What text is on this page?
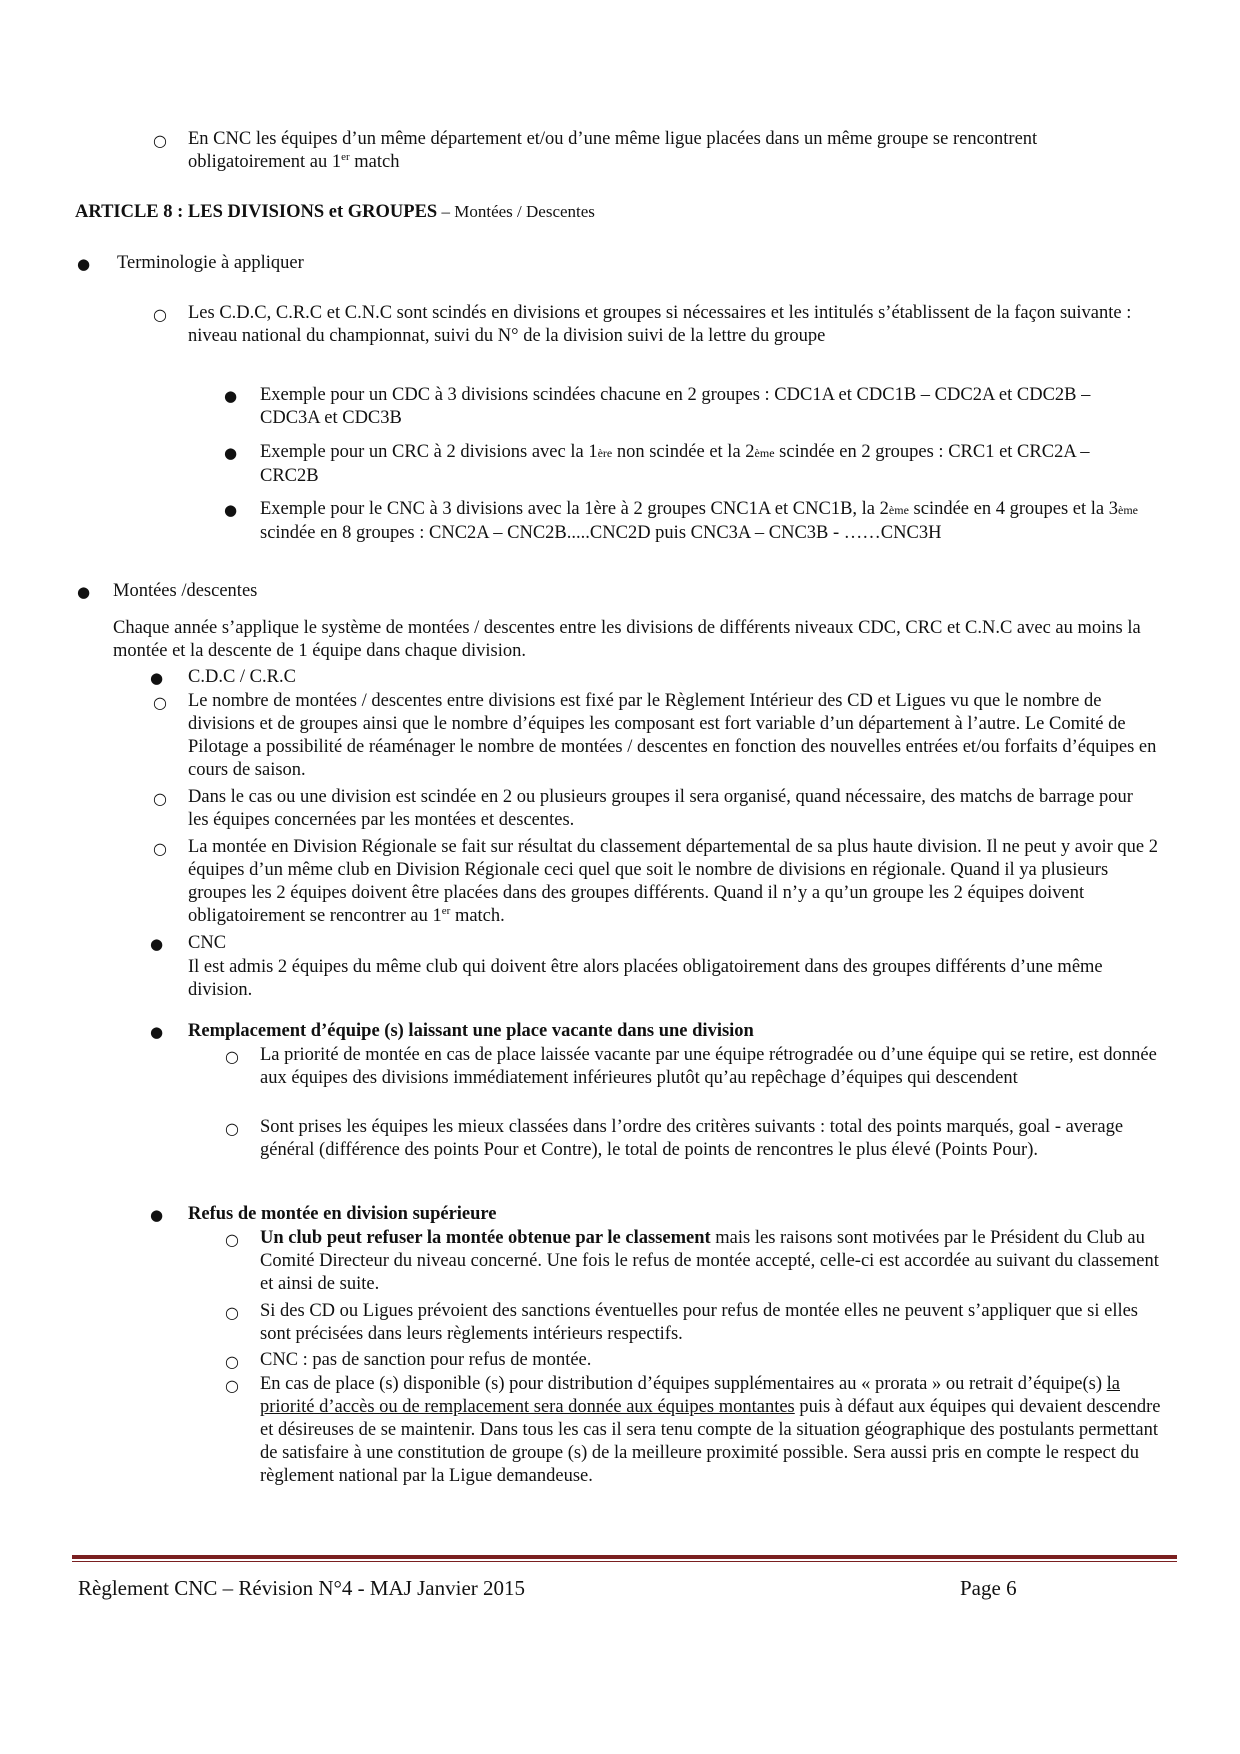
○ En CNC les équipes d’un même département et/ou d’une même ligue placées dans un même groupe se rencontrent obligatoirement au 1er match
ARTICLE 8 : LES DIVISIONS et GROUPES – Montées / Descentes
● Terminologie à appliquer
○ Les C.D.C, C.R.C et C.N.C sont scindés en divisions et groupes si nécessaires et les intitulés s’établissent de la façon suivante : niveau national du championnat, suivi du N° de la division suivi de la lettre du groupe
● Exemple pour un CDC à 3 divisions scindées chacune en 2 groupes : CDC1A et CDC1B – CDC2A et CDC2B – CDC3A et CDC3B
● Exemple pour un CRC à 2 divisions avec la 1ère non scindée et la 2ème scindée en 2 groupes : CRC1 et CRC2A – CRC2B
● Exemple pour le CNC à 3 divisions avec la 1ère à 2 groupes CNC1A et CNC1B, la 2ème scindée en 4 groupes et la 3ème scindée en 8 groupes : CNC2A – CNC2B.....CNC2D puis CNC3A – CNC3B - ……CNC3H
● Montées /descentes
Chaque année s’applique le système de montées / descentes entre les divisions de différents niveaux CDC, CRC et C.N.C avec au moins la montée et la descente de 1 équipe dans chaque division.
● C.D.C / C.R.C
○ Le nombre de montées / descentes entre divisions est fixé par le Règlement Intérieur des CD et Ligues vu que le nombre de divisions et de groupes ainsi que le nombre d’équipes les composant est fort variable d’un département à l’autre. Le Comité de Pilotage a possibilité de réaménager le nombre de montées / descentes en fonction des nouvelles entrées et/ou forfaits d’équipes en cours de saison.
○ Dans le cas ou une division est scindée en 2 ou plusieurs groupes il sera organisé, quand nécessaire, des matchs de barrage pour les équipes concernées par les montées et descentes.
○ La montée en Division Régionale se fait sur résultat du classement départemental de sa plus haute division. Il ne peut y avoir que 2 équipes d’un même club en Division Régionale ceci quel que soit le nombre de divisions en régionale. Quand il ya plusieurs groupes les 2 équipes doivent être placées dans des groupes différents. Quand il n’y a qu’un groupe les 2 équipes doivent obligatoirement se rencontrer au 1er match.
● CNC
Il est admis 2 équipes du même club qui doivent être alors placées obligatoirement dans des groupes différents d’une même division.
● Remplacement d’équipe (s) laissant une place vacante dans une division
○ La priorité de montée en cas de place laissée vacante par une équipe rétrogradée ou d’une équipe qui se retire, est donnée aux équipes des divisions immédiatement inférieures plutôt qu’au repêchage d’équipes qui descendent
○ Sont prises les équipes les mieux classées dans l’ordre des critères suivants : total des points marqués, goal - average général (différence des points Pour et Contre), le total de points de rencontres le plus élevé (Points Pour).
● Refus de montée en division supérieure
○ Un club peut refuser la montée obtenue par le classement mais les raisons sont motivées par le Président du Club au Comité Directeur du niveau concerné. Une fois le refus de montée accepté, celle-ci est accordée au suivant du classement et ainsi de suite.
○ Si des CD ou Ligues prévoient des sanctions éventuelles pour refus de montée elles ne peuvent s’appliquer que si elles sont précisées dans leurs règlements intérieurs respectifs.
○ CNC : pas de sanction pour refus de montée.
○ En cas de place (s) disponible (s) pour distribution d’équipes supplémentaires au « prorata » ou retrait d’équipe(s) la priorité d’accès ou de remplacement sera donnée aux équipes montantes puis à défaut aux équipes qui devaient descendre et désireuses de se maintenir. Dans tous les cas il sera tenu compte de la situation géographique des postulants permettant de satisfaire à une constitution de groupe (s) de la meilleure proximité possible. Sera aussi pris en compte le respect du règlement national par la Ligue demandeuse.
Règlement CNC – Révision N°4 - MAJ Janvier 2015	Page 6
